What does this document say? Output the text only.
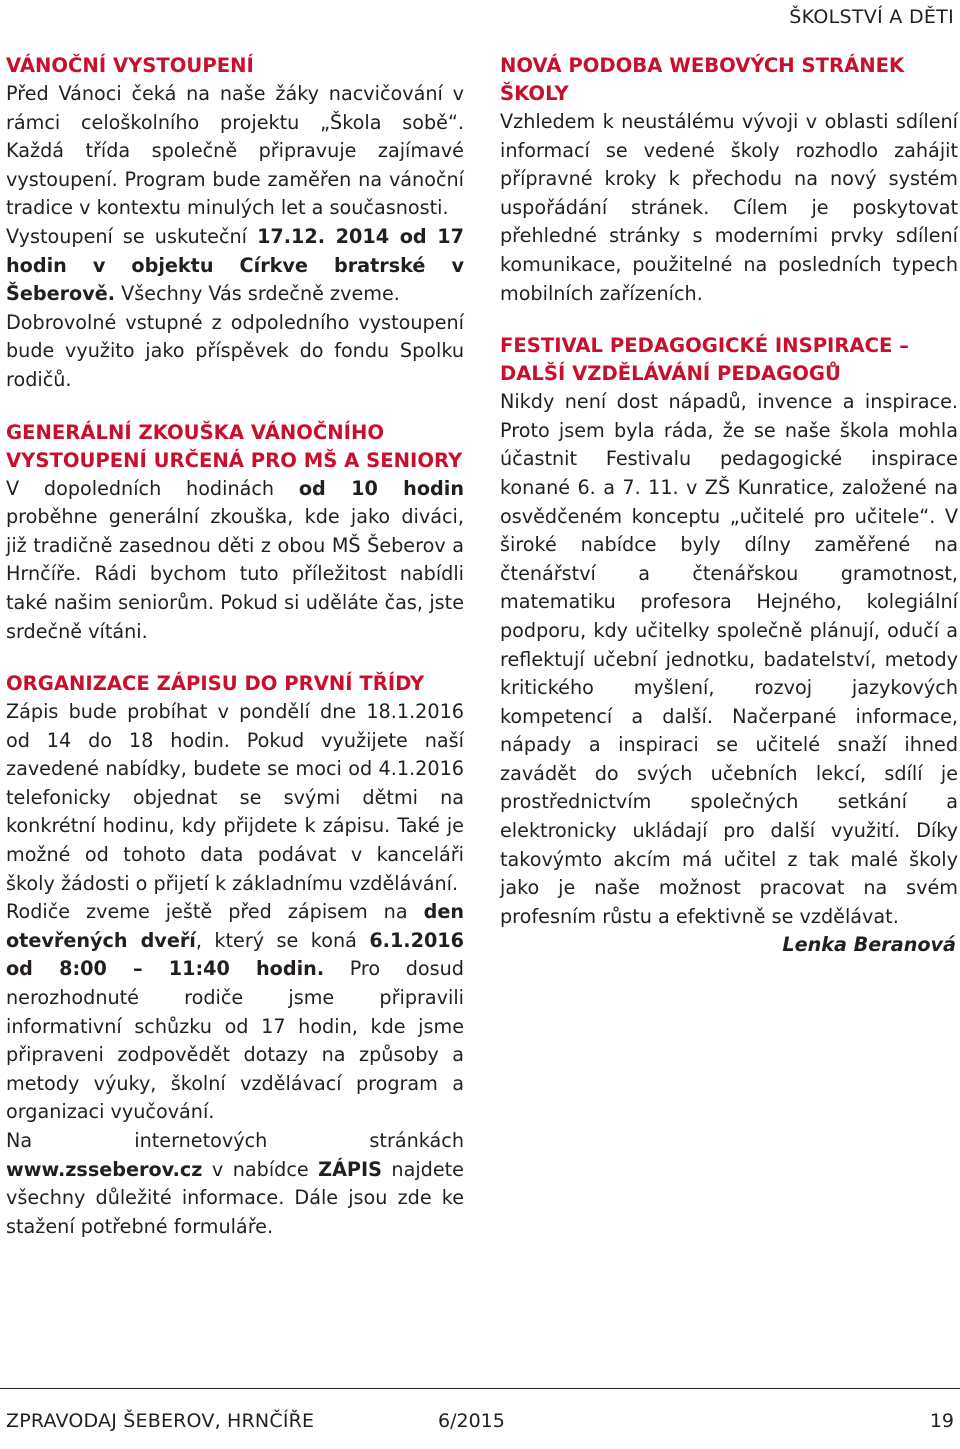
ŠKOLSTVÍ A DĚTI
VÁNOČNÍ VYSTOUPENÍ

Před Vánoci čeká na naše žáky nacvičování v rámci celoškolního projektu „Škola sobě“. Každá třída společně připravuje zajímavé vystoupení. Program bude zaměřen na vánoční tradice v kontextu minulých let a současnosti.

Vystoupení se uskuteční 17.12. 2014 od 17 hodin v objektu Církve bratrské v Šeberově. Všechny Vás srdečně zveme.

Dobrovolné vstupné z odpoledního vystoupení bude využito jako příspěvek do fondu Spolku rodičů.

GENERÁLNÍ ZKOUŠKA VÁNOČNÍHO VYSTOUPENÍ URČENÁ PRO MŠ A SENIORY

V dopoledních hodinách od 10 hodin proběhne generální zkouška, kde jako diváci, již tradičně zasednou děti z obou MŠ Šeberov a Hrnčíře. Rádi bychom tuto příležitost nabídli také našim seniorům. Pokud si uděláte čas, jste srdečně vítáni.

ORGANIZACE ZÁPISU DO PRVNÍ TŘÍDY

Zápis bude probíhat v pondělí dne 18.1.2016 od 14 do 18 hodin. Pokud využijete naší zavedené nabídky, budete se moci od 4.1.2016 telefonicky objednat se svými dětmi na konkrétní hodinu, kdy přijdete k zápisu. Také je možné od tohoto data podávat v kanceláři školy žádosti o přijetí k základnímu vzdělávání.

Rodiče zveme ještě před zápisem na den otevřených dveří, který se koná 6.1.2016 od 8:00 – 11:40 hodin. Pro dosud nerozhodnuté rodiče jsme připravili informativní schůzku od 17 hodin, kde jsme připraveni zodpovědět dotazy na způsoby a metody výuky, školní vzdělávací program a organizaci vyučování.

Na internetových stránkách www.zsseberov.cz v nabídce ZÁPIS najdete všechny důležité informace. Dále jsou zde ke stažení potřebné formuláře.

NOVÁ PODOBA WEBOVÝCH STRÁNEK ŠKOLY

Vzhledem k neustálému vývoji v oblasti sdílení informací se vedené školy rozhodlo zahájit přípravné kroky k přechodu na nový systém uspořádání stránek. Cílem je poskytovat přehledné stránky s moderními prvky sdílení komunikace, použitelné na posledních typech mobilních zařízeních.

FESTIVAL PEDAGOGICKÉ INSPIRACE – DALŠÍ VZDĚLÁVÁNÍ PEDAGOGŮ

Nikdy není dost nápadů, invence a inspirace. Proto jsem byla ráda, že se naše škola mohla účastnit Festivalu pedagogické inspirace konané 6. a 7. 11. v ZŠ Kunratice, založené na osvědčeném konceptu „učitelé pro učitele“. V široké nabídce byly dílny zaměřené na čtenářství a čtenářskou gramotnost, matematiku profesora Hejného, kolegiální podporu, kdy učitelky společně plánují, odučí a reflektují učební jednotku, badatelství, metody kritického myšlení, rozvoj jazykových kompetencí a další. Načerpané informace, nápady a inspiraci se učitelé snaží ihned zavádět do svých učebních lekcí, sdílí je prostřednictvím společných setkání a elektronicky ukládají pro další využití. Díky takovýmto akcím má učitel z tak malé školy jako je naše možnost pracovat na svém profesním růstu a efektivně se vzdělávat.

Lenka Beranová

ZPRAVODAJ ŠEBEROV, HRNČÍŘE	6/2015	19
